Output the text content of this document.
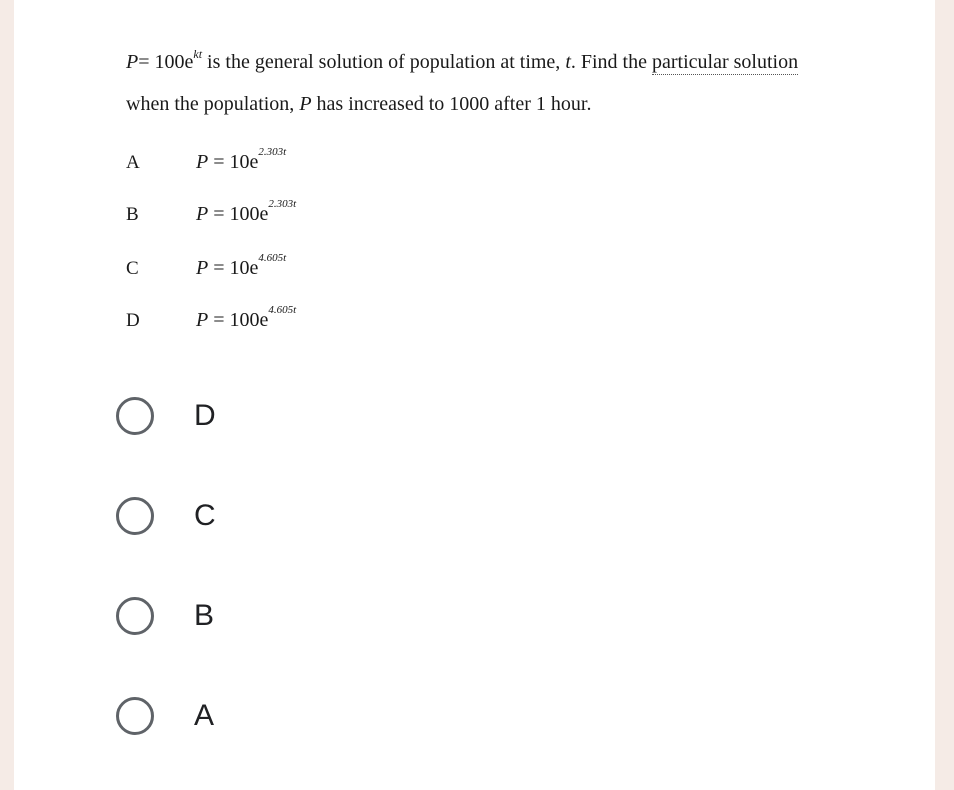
$P= 100e^{kt}$ is the general solution of population at time, t. Find the particular solution
when the population, P has increased to 1000 after 1 hour.
A	$P = 10e^{2.303t}$
B	$P = 100e^{2.303t}$
C	$P = 10e^{4.605t}$
D	$P = 100e^{4.605t}$
D
C
B
A
